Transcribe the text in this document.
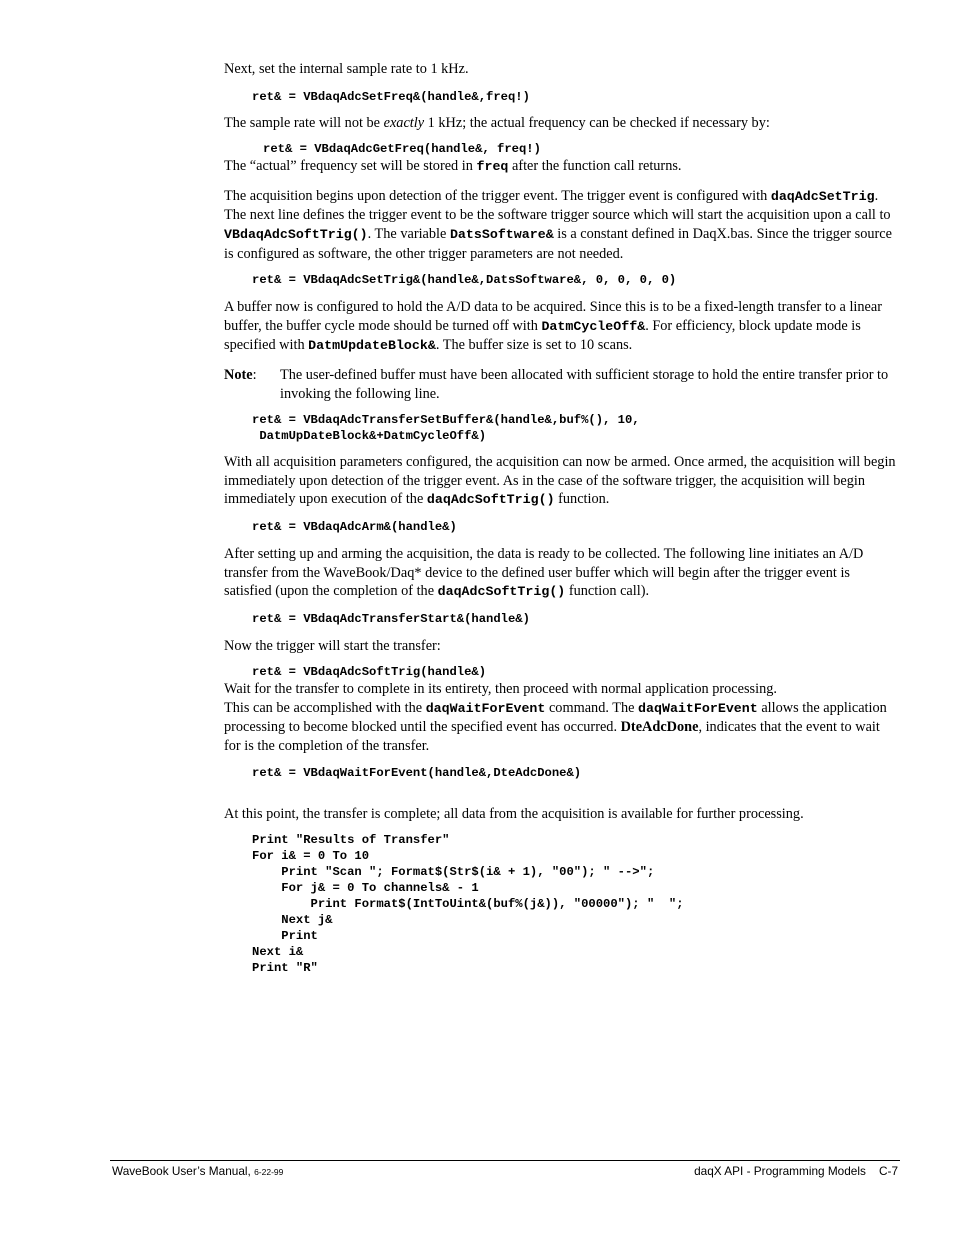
Next, set the internal sample rate to 1 kHz.

ret& = VBdaqAdcSetFreq&(handle&,freq!)

The sample rate will not be exactly 1 kHz; the actual frequency can be checked if necessary by:

ret& = VBdaqAdcGetFreq(handle&, freq!)

The “actual” frequency set will be stored in freq after the function call returns.

The acquisition begins upon detection of the trigger event. The trigger event is configured with daqAdcSetTrig. The next line defines the trigger event to be the software trigger source which will start the acquisition upon a call to VBdaqAdcSoftTrig(). The variable DatsSoftware& is a constant defined in DaqX.bas. Since the trigger source is configured as software, the other trigger parameters are not needed.

ret& = VBdaqAdcSetTrig&(handle&,DatsSoftware&, 0, 0, 0, 0)

A buffer now is configured to hold the A/D data to be acquired. Since this is to be a fixed-length transfer to a linear buffer, the buffer cycle mode should be turned off with DatmCycleOff&. For efficiency, block update mode is specified with DatmUpdateBlock&. The buffer size is set to 10 scans.

Note:	The user-defined buffer must have been allocated with sufficient storage to hold the entire transfer prior to invoking the following line.

ret& = VBdaqAdcTransferSetBuffer&(handle&,buf%(), 10,

DatmUpDateBlock&+DatmCycleOff&)

With all acquisition parameters configured, the acquisition can now be armed. Once armed, the acquisition will begin immediately upon detection of the trigger event. As in the case of the software trigger, the acquisition will begin immediately upon execution of the daqAdcSoftTrig() function.

ret& = VBdaqAdcArm&(handle&)

After setting up and arming the acquisition, the data is ready to be collected. The following line initiates an A/D transfer from the WaveBook/Daq* device to the defined user buffer which will begin after the trigger event is satisfied (upon the completion of the daqAdcSoftTrig() function call).

ret& = VBdaqAdcTransferStart&(handle&)

Now the trigger will start the transfer:

ret& = VBdaqAdcSoftTrig(handle&)

Wait for the transfer to complete in its entirety, then proceed with normal application processing.

This can be accomplished with the daqWaitForEvent command. The daqWaitForEvent allows the application processing to become blocked until the specified event has occurred. DteAdcDone, indicates that the event to wait for is the completion of the transfer.

ret& = VBdaqWaitForEvent(handle&,DteAdcDone&)

At this point, the transfer is complete; all data from the acquisition is available for further processing.

Print "Results of Transfer"

For i& = 0 To 10

Print "Scan "; Format$(Str$(i& + 1), "00"); " -->";

For j& = 0 To channels& - 1

Print Format$(IntToUint&(buf%(j&)), "00000"); "  ";

Next j&

Print

Next i&

Print "R"

WaveBook User’s Manual, 6-22-99	daqX API - Programming Models    C-7
